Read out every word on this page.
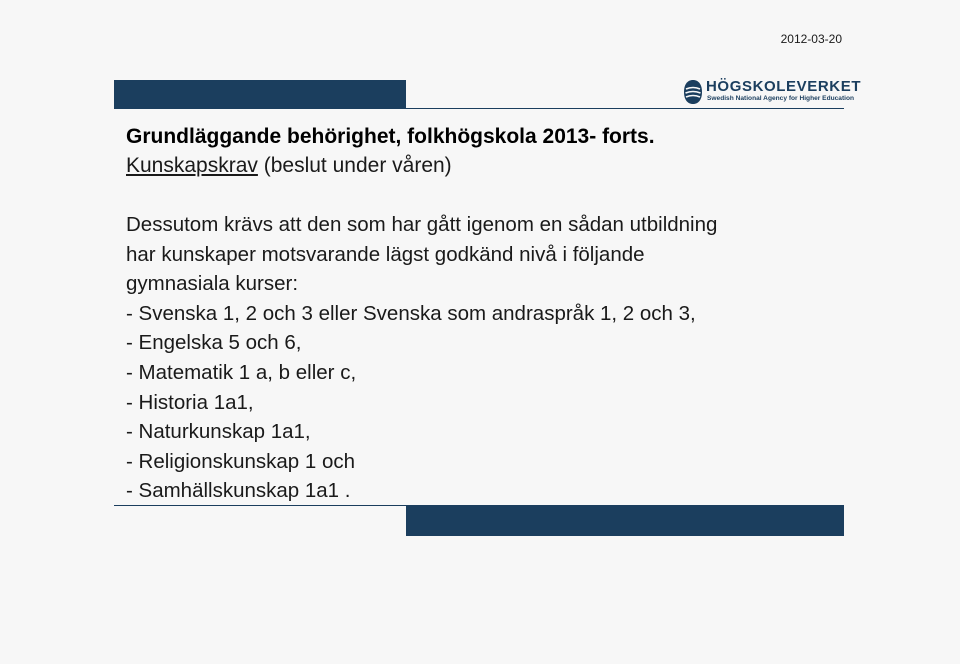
2012-03-20
HÖGSKOLEVERKET
Swedish National Agency for Higher Education
Grundläggande behörighet, folkhögskola 2013- forts.
Kunskapskrav (beslut under våren)
Dessutom krävs att den som har gått igenom en sådan utbildning
har kunskaper motsvarande lägst godkänd nivå i följande
gymnasiala kurser:
- Svenska 1, 2 och 3 eller Svenska som andraspråk 1, 2 och 3,
- Engelska 5 och 6,
- Matematik 1 a, b eller c,
- Historia 1a1,
- Naturkunskap 1a1,
- Religionskunskap 1 och
- Samhällskunskap 1a1 .
